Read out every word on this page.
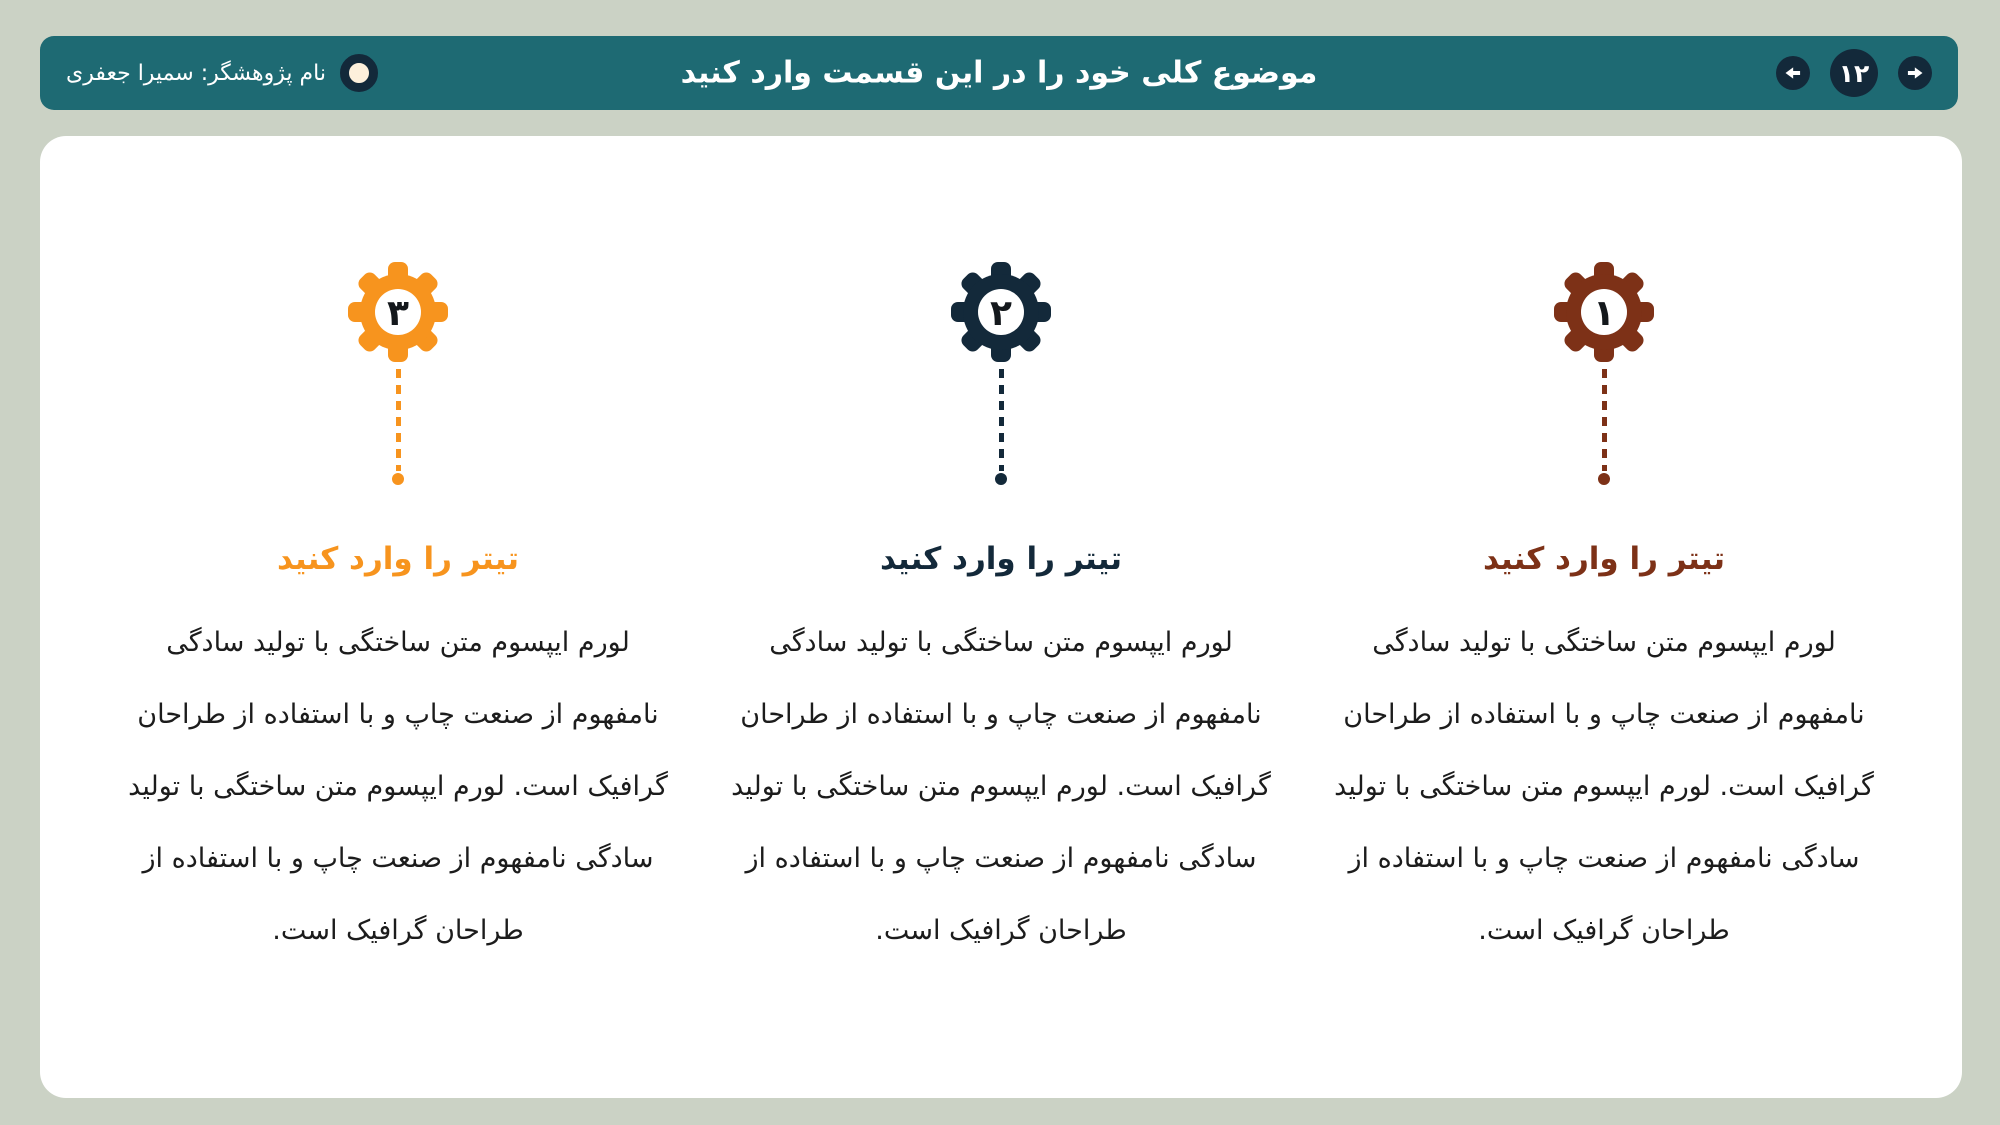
۱۲
موضوع کلی خود را در این قسمت وارد کنید
نام پژوهشگر: سمیرا جعفری
۱
تیتر را وارد کنید

لورم ایپسوم متن ساختگی با تولید سادگی نامفهوم از صنعت چاپ و با استفاده از طراحان گرافیک است. لورم ایپسوم متن ساختگی با تولید سادگی نامفهوم از صنعت چاپ و با استفاده از طراحان گرافیک است.

۲
تیتر را وارد کنید

لورم ایپسوم متن ساختگی با تولید سادگی نامفهوم از صنعت چاپ و با استفاده از طراحان گرافیک است. لورم ایپسوم متن ساختگی با تولید سادگی نامفهوم از صنعت چاپ و با استفاده از طراحان گرافیک است.

۳
تیتر را وارد کنید

لورم ایپسوم متن ساختگی با تولید سادگی نامفهوم از صنعت چاپ و با استفاده از طراحان گرافیک است. لورم ایپسوم متن ساختگی با تولید سادگی نامفهوم از صنعت چاپ و با استفاده از طراحان گرافیک است.
